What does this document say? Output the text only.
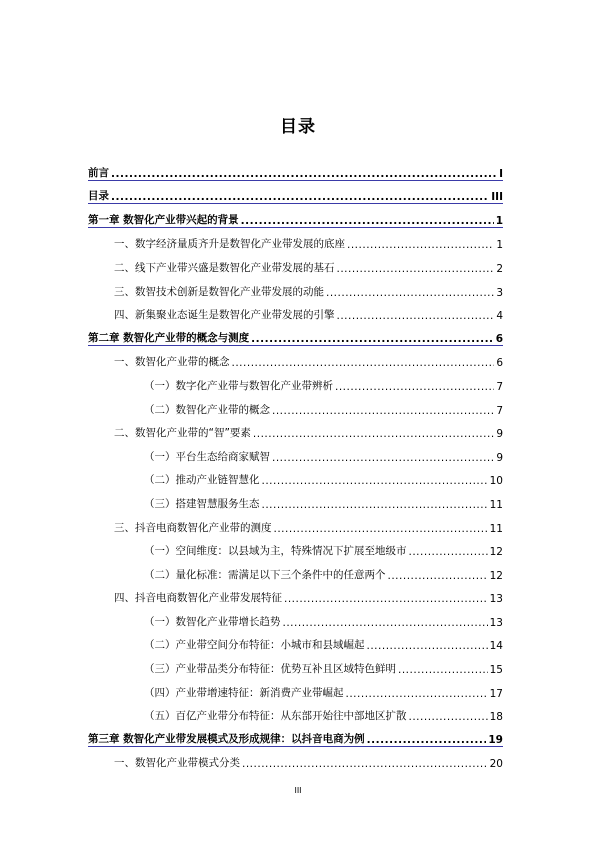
目录
前言 .....	I
目录 .....	III
第一章 数智化产业带兴起的背景 .....	1
一、数字经济量质齐升是数智化产业带发展的底座 .....	1
二、线下产业带兴盛是数智化产业带发展的基石 .....	2
三、数智技术创新是数智化产业带发展的动能 .....	3
四、新集聚业态诞生是数智化产业带发展的引擎 .....	4
第二章 数智化产业带的概念与测度 .....	6
一、数智化产业带的概念 .....	6
（一）数字化产业带与数智化产业带辨析 .....	7
（二）数智化产业带的概念 .....	7
二、数智化产业带的“智”要素 .....	9
（一）平台生态给商家赋智 .....	9
（二）推动产业链智慧化 .....	10
（三）搭建智慧服务生态 .....	11
三、抖音电商数智化产业带的测度 .....	11
（一）空间维度：以县域为主，特殊情况下扩展至地级市 .....	12
（二）量化标准：需满足以下三个条件中的任意两个 .....	12
四、抖音电商数智化产业带发展特征 .....	13
（一）数智化产业带增长趋势 .....	13
（二）产业带空间分布特征：小城市和县域崛起 .....	14
（三）产业带品类分布特征：优势互补且区域特色鲜明 .....	15
（四）产业带增速特征：新消费产业带崛起 .....	17
（五）百亿产业带分布特征：从东部开始往中部地区扩散 .....	18
第三章 数智化产业带发展模式及形成规律：以抖音电商为例 .....	19
一、数智化产业带模式分类 .....	20
III
